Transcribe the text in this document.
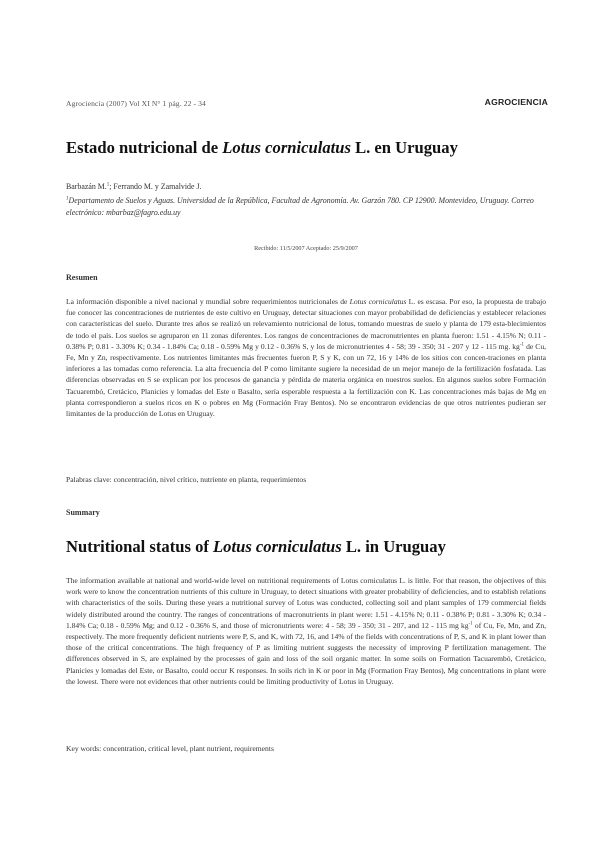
Agrociencia (2007) Vol XI N° 1 pág. 22 - 34	AGROCIENCIA
Estado nutricional de Lotus corniculatus L. en Uruguay
Barbazán M.$^1$; Ferrando M. y Zamalvide J.
$^1$Departamento de Suelos y Aguas. Universidad de la República, Facultad de Agronomía. Av. Garzón 780. CP 12900. Montevideo, Uruguay. Correo electrónico: mbarbaz@fagro.edu.uy
Recibido: 11/5/2007 Aceptado: 25/9/2007
Resumen

La información disponible a nivel nacional y mundial sobre requerimientos nutricionales de Lotus corniculatus L. es escasa. Por eso, la propuesta de trabajo fue conocer las concentraciones de nutrientes de este cultivo en Uruguay, detectar situaciones con mayor probabilidad de deficiencias y establecer relaciones con características del suelo. Durante tres años se realizó un relevamiento nutricional de lotus, tomando muestras de suelo y planta de 179 esta-blecimientos de todo el país. Los suelos se agruparon en 11 zonas diferentes. Los rangos de concentraciones de macronutrientes en planta fueron: 1.51 - 4.15% N; 0.11 - 0.38% P; 0.81 - 3.30% K; 0.34 - 1.84% Ca; 0.18 - 0.59% Mg y 0.12 - 0.36% S, y los de micronutrientes 4 - 58; 39 - 350; 31 - 207 y 12 - 115 mg. $kg^{-1}$ de Cu, Fe, Mn y Zn, respectivamente. Los nutrientes limitantes más frecuentes fueron P, S y K, con un 72, 16 y 14% de los sitios con concen-traciones en planta inferiores a las tomadas como referencia. La alta frecuencia del P como limitante sugiere la necesidad de un mejor manejo de la fertilización fosfatada. Las diferencias observadas en S se explican por los procesos de ganancia y pérdida de materia orgánica en nuestros suelos. En algunos suelos sobre Formación Tacuarembó, Cretácico, Planicies y lomadas del Este o Basalto, sería esperable respuesta a la fertilización con K. Las concentraciones más bajas de Mg en planta correspondieron a suelos ricos en K o pobres en Mg (Formación Fray Bentos). No se encontraron evidencias de que otros nutrientes pudieran ser limitantes de la producción de Lotus en Uruguay.

Palabras clave: concentración, nivel crítico, nutriente en planta, requerimientos
Summary
Nutritional status of Lotus corniculatus L. in Uruguay

The information available at national and world-wide level on nutritional requirements of Lotus corniculatus L. is little. For that reason, the objectives of this work were to know the concentration nutrients of this culture in Uruguay, to detect situations with greater probability of deficiencies, and to establish relations with characteristics of the soils. During these years a nutritional survey of Lotus was conducted, collecting soil and plant samples of 179 commercial fields widely distributed around the country. The ranges of concentrations of macronutrients in plant were: 1.51 - 4.15% N; 0.11 - 0.38% P; 0.81 - 3.30% K; 0.34 - 1.84% Ca; 0.18 - 0.59% Mg; and 0.12 - 0.36% S, and those of micronutrients were: 4 - 58; 39 - 350; 31 - 207, and 12 - 115 mg $kg^{-1}$ of Cu, Fe, Mn, and Zn, respectively. The more frequently deficient nutrients were P, S, and K, with 72, 16, and 14% of the fields with concentrations of P, S, and K in plant lower than those of the critical concentrations. The high frequency of P as limiting nutrient suggests the necessity of improving P fertilization management. The differences observed in S, are explained by the processes of gain and loss of the soil organic matter. In some soils on Formation Tacuarembó, Cretácico, Planicies y lomadas del Este, or Basalto, could occur K responses. In soils rich in K or poor in Mg (Formation Fray Bentos), Mg concentrations in plant were the lowest. There were not evidences that other nutrients could be limiting productivity of Lotus in Uruguay.

Key words: concentration, critical level, plant nutrient, requirements
